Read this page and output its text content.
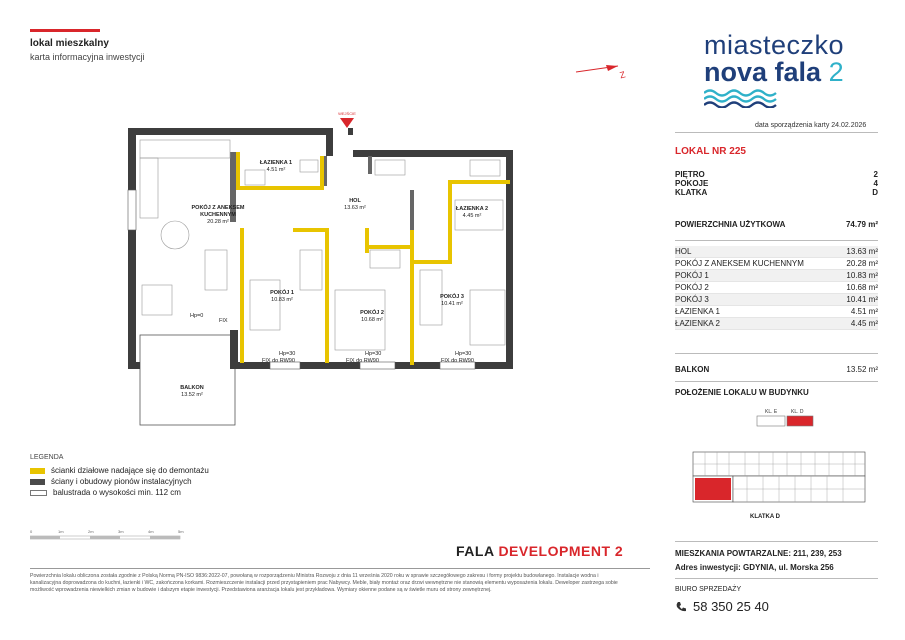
lokal mieszkalny
karta informacyjna inwestycji	miasteczko
nova fala 2
Z
data sporządzenia karty 24.02.2026
LOKAL NR 225
PIĘTRO	2
POKOJE	4
KLATKA	D
POWIERZCHNIA UŻYTKOWA	74.79 m²
HOL	13.63 m²
POKÓJ Z ANEKSEM KUCHENNYM	20.28 m²
POKÓJ 1	10.83 m²
POKÓJ 2	10.68 m²
POKÓJ 3	10.41 m²
ŁAZIENKA 1	4.51 m²
ŁAZIENKA 2	4.45 m²
BALKON	13.52 m²
POŁOŻENIE LOKALU W BUDYNKU
KL. E	KL. D
KLATKA D
MIESZKANIA POWTARZALNE: 211, 239, 253
Adres inwestycji: GDYNIA, ul. Morska 256
BIURO SPRZEDAŻY
58 350 25 40
WEJŚCIE
ŁAZIENKA 1
4.51 m²
POKÓJ Z ANEKSEM KUCHENNYM
20.28 m²
HOL
13.63 m²	ŁAZIENKA 2
4.45 m²
POKÓJ 1
10.83 m²
POKÓJ 2
10.68 m²
POKÓJ 3
10.41 m²
BALKON
13.52 m²
Hp=0
FIX
FIX do RW90	FIX do RW90	FIX do RW90
Hp=30	Hp=30	Hp=30
LEGENDA
ścianki działowe nadające się do demontażu
ściany i obudowy pionów instalacyjnych
balustrada o wysokości min. 112 cm
0	1m	2m	3m	4m	5m
FALA DEVELOPMENT 2
Powierzchnia lokalu obliczona została zgodnie z Polską Normą PN-ISO 9836:2022-07, powołaną w rozporządzeniu Ministra Rozwoju z dnia 11 września 2020 roku w sprawie szczegółowego zakresu i formy projektu budowlanego. Instalacje wodna i kanalizacyjna doprowadzona do kuchni, łazienki i WC, zakończona korkami. Rozmieszczenie instalacji przed przystąpieniem prac Nabywcy. Meble, biały montaż oraz drzwi wewnętrzne nie stanowią elementu wyposażenia lokalu. Deweloper zastrzega sobie możliwość wprowadzenia niewielkich zmian w budowie i dalszym etapie inwestycji. Przedstawiona aranżacja lokalu jest przykładowa. Wymiary okienne podane są w świetle muru od strony zewnętrznej.
